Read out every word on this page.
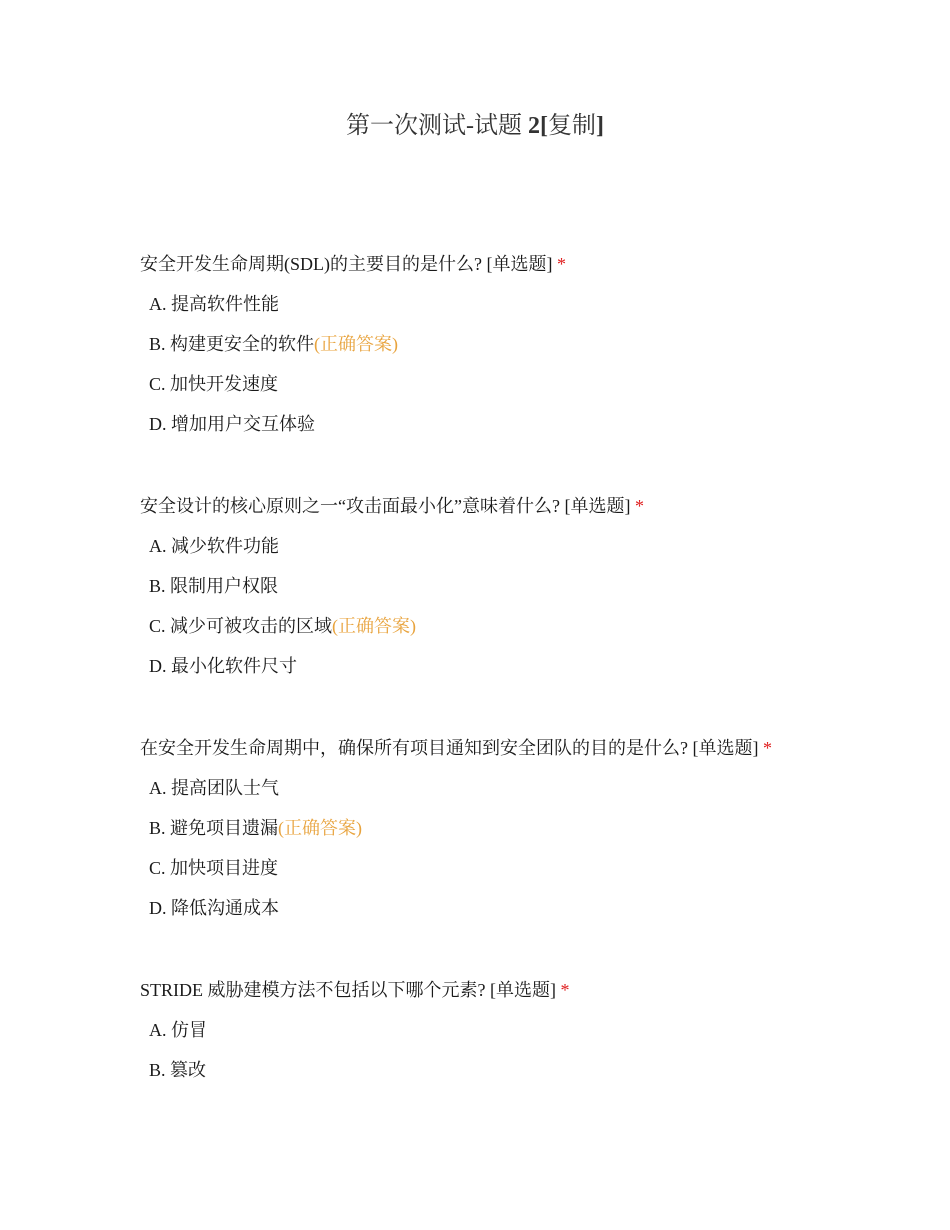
第一次测试-试题 2[复制]
安全开发生命周期(SDL)的主要目的是什么? [单选题] *
A. 提高软件性能
B. 构建更安全的软件(正确答案)
C. 加快开发速度
D. 增加用户交互体验
安全设计的核心原则之一“攻击面最小化”意味着什么? [单选题] *
A. 减少软件功能
B. 限制用户权限
C. 减少可被攻击的区域(正确答案)
D. 最小化软件尺寸
在安全开发生命周期中，确保所有项目通知到安全团队的目的是什么? [单选题] *
A. 提高团队士气
B. 避免项目遗漏(正确答案)
C. 加快项目进度
D. 降低沟通成本
STRIDE 威胁建模方法不包括以下哪个元素? [单选题] *
A. 仿冒
B. 篡改
